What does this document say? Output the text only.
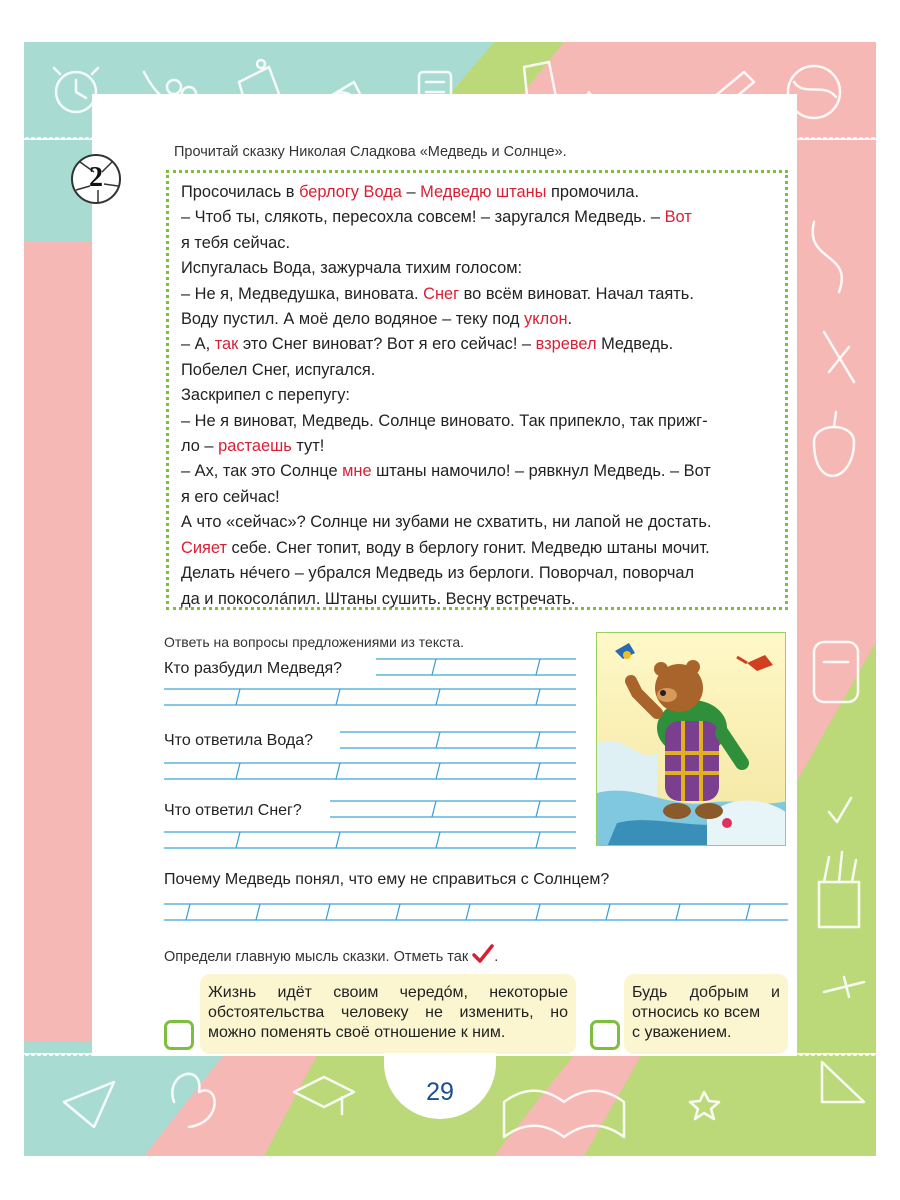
2
Прочитай сказку Николая Сладкова «Медведь и Солнце».

Просочилась в берлогу Вода – Медведю штаны промочила.

– Чтоб ты, слякоть, пересохла совсем! – заругался Медведь. – Вот

я тебя сейчас.

Испугалась Вода, зажурчала тихим голосом:

– Не я, Медведушка, виновата. Снег во всём виноват. Начал таять.

Воду пустил. А моё дело водяное – теку под уклон.

– А, так это Снег виноват? Вот я его сейчас! – взревел Медведь.

Побелел Снег, испугался.

Заскрипел с перепугу:

– Не я виноват, Медведь. Солнце виновато. Так припекло, так прижг-

ло – растаешь тут!

– Ах, так это Солнце мне штаны намочило! – рявкнул Медведь. – Вот

я его сейчас!

А что «сейчас»? Солнце ни зубами не схватить, ни лапой не достать.

Сияет себе. Снег топит, воду в берлогу гонит. Медведю штаны мочит.

Делать нéчего – убрался Медведь из берлоги. Поворчал, поворчал

да и покосолáпил. Штаны сушить. Весну встречать.

Ответь на вопросы предложениями из текста.
Кто разбудил Медведя?
Что ответила Вода?
Что ответил Снег?
Почему Медведь понял, что ему не справиться с Солнцем?
Определи главную мысль сказки. Отметь так .
Жизнь идёт своим чередóм, некоторые
обстоятельства человеку не изменить, но
можно поменять своё отношение к ним.
Будь добрым и
относись ко всем
с уважением.
29
